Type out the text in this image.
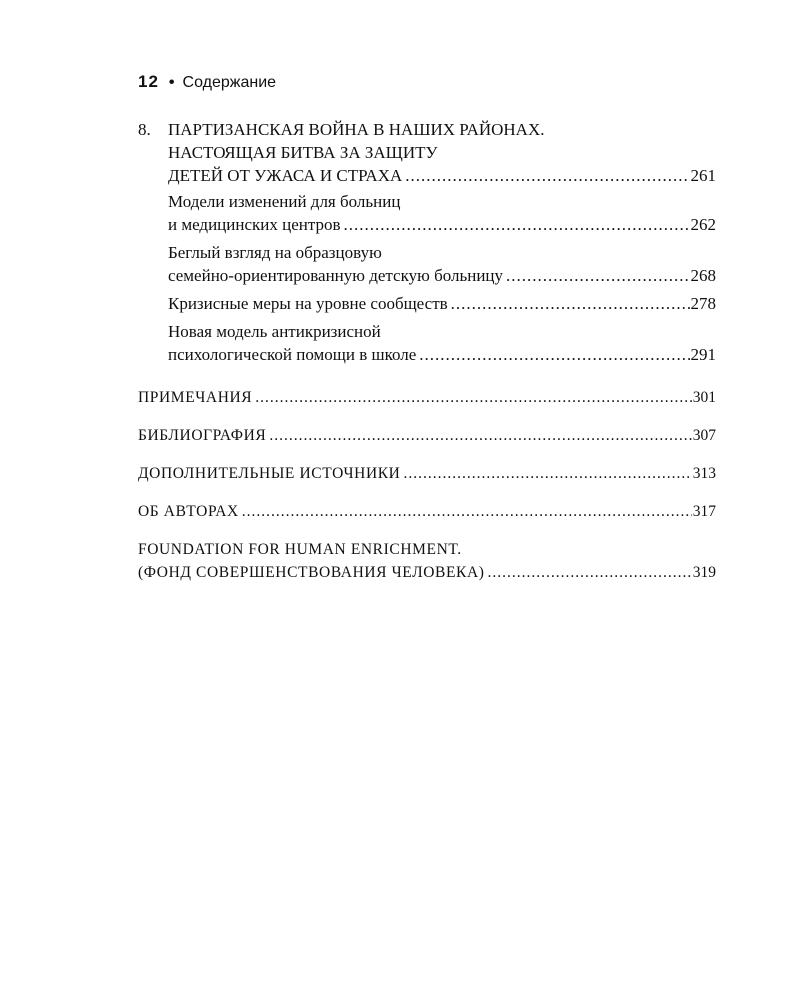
12 • Содержание
8. ПАРТИЗАНСКАЯ ВОЙНА В НАШИХ РАЙОНАХ.
НАСТОЯЩАЯ БИТВА ЗА ЗАЩИТУ
ДЕТЕЙ ОТ УЖАСА И СТРАХА .....	261
Модели изменений для больниц
и медицинских центров .....	262
Беглый взгляд на образцовую
семейно-ориентированную детскую больницу .....	268
Кризисные меры на уровне сообществ .....	278
Новая модель антикризисной
психологической помощи в школе .....	291
ПРИМЕЧАНИЯ .....	301
БИБЛИОГРАФИЯ .....	307
ДОПОЛНИТЕЛЬНЫЕ ИСТОЧНИКИ .....	313
ОБ АВТОРАХ .....	317
FOUNDATION FOR HUMAN ENRICHMENT.
(ФОНД СОВЕРШЕНСТВОВАНИЯ ЧЕЛОВЕКА) .....	319
